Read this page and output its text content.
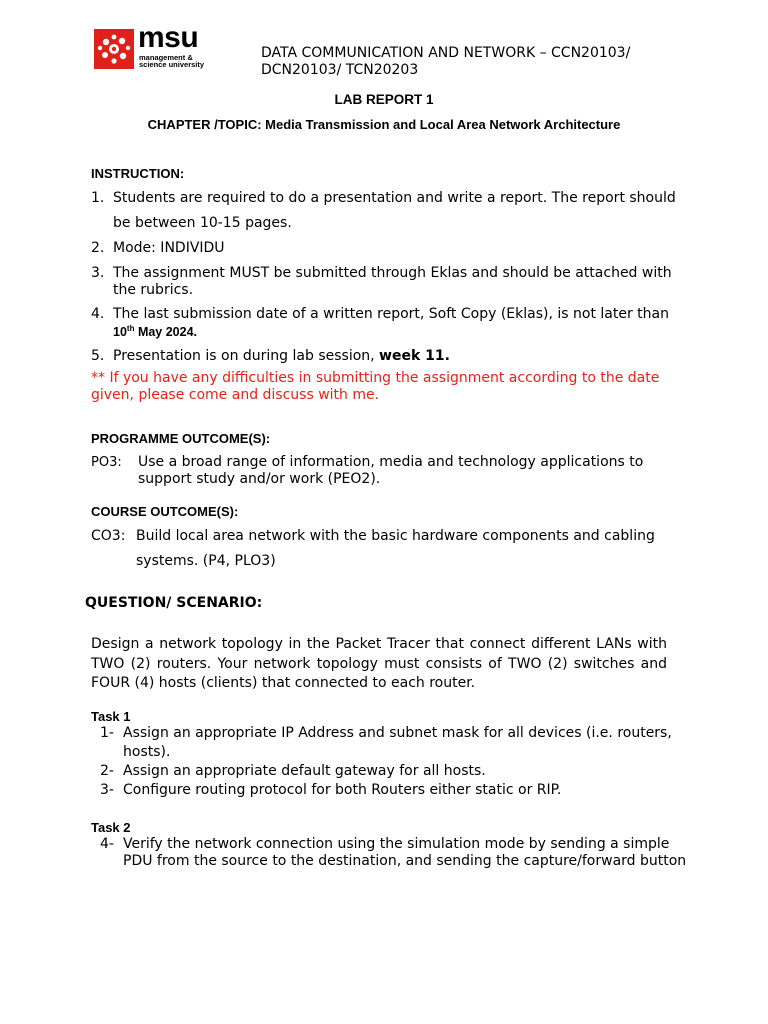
msu
management &
science university
DATA COMMUNICATION AND NETWORK – CCN20103/
DCN20103/ TCN20203
LAB REPORT 1
CHAPTER /TOPIC: Media Transmission and Local Area Network Architecture
INSTRUCTION:
1. Students are required to do a presentation and write a report. The report should
be between 10-15 pages.
2. Mode: INDIVIDU
3. The assignment MUST be submitted through Eklas and should be attached with
the rubrics.
4. The last submission date of a written report, Soft Copy (Eklas), is not later than
10th May 2024.
5. Presentation is on during lab session, week 11.
** If you have any difficulties in submitting the assignment according to the date
given, please come and discuss with me.
PROGRAMME OUTCOME(S):
PO3: Use a broad range of information, media and technology applications to
support study and/or work (PEO2).
COURSE OUTCOME(S):
CO3: Build local area network with the basic hardware components and cabling
systems. (P4, PLO3)
QUESTION/ SCENARIO:
Design a network topology in the Packet Tracer that connect different LANs with
TWO (2) routers. Your network topology must consists of TWO (2) switches and
FOUR (4) hosts (clients) that connected to each router.
Task 1
1- Assign an appropriate IP Address and subnet mask for all devices (i.e. routers,
hosts).
2- Assign an appropriate default gateway for all hosts.
3- Configure routing protocol for both Routers either static or RIP.
Task 2
4- Verify the network connection using the simulation mode by sending a simple
PDU from the source to the destination, and sending the capture/forward button
